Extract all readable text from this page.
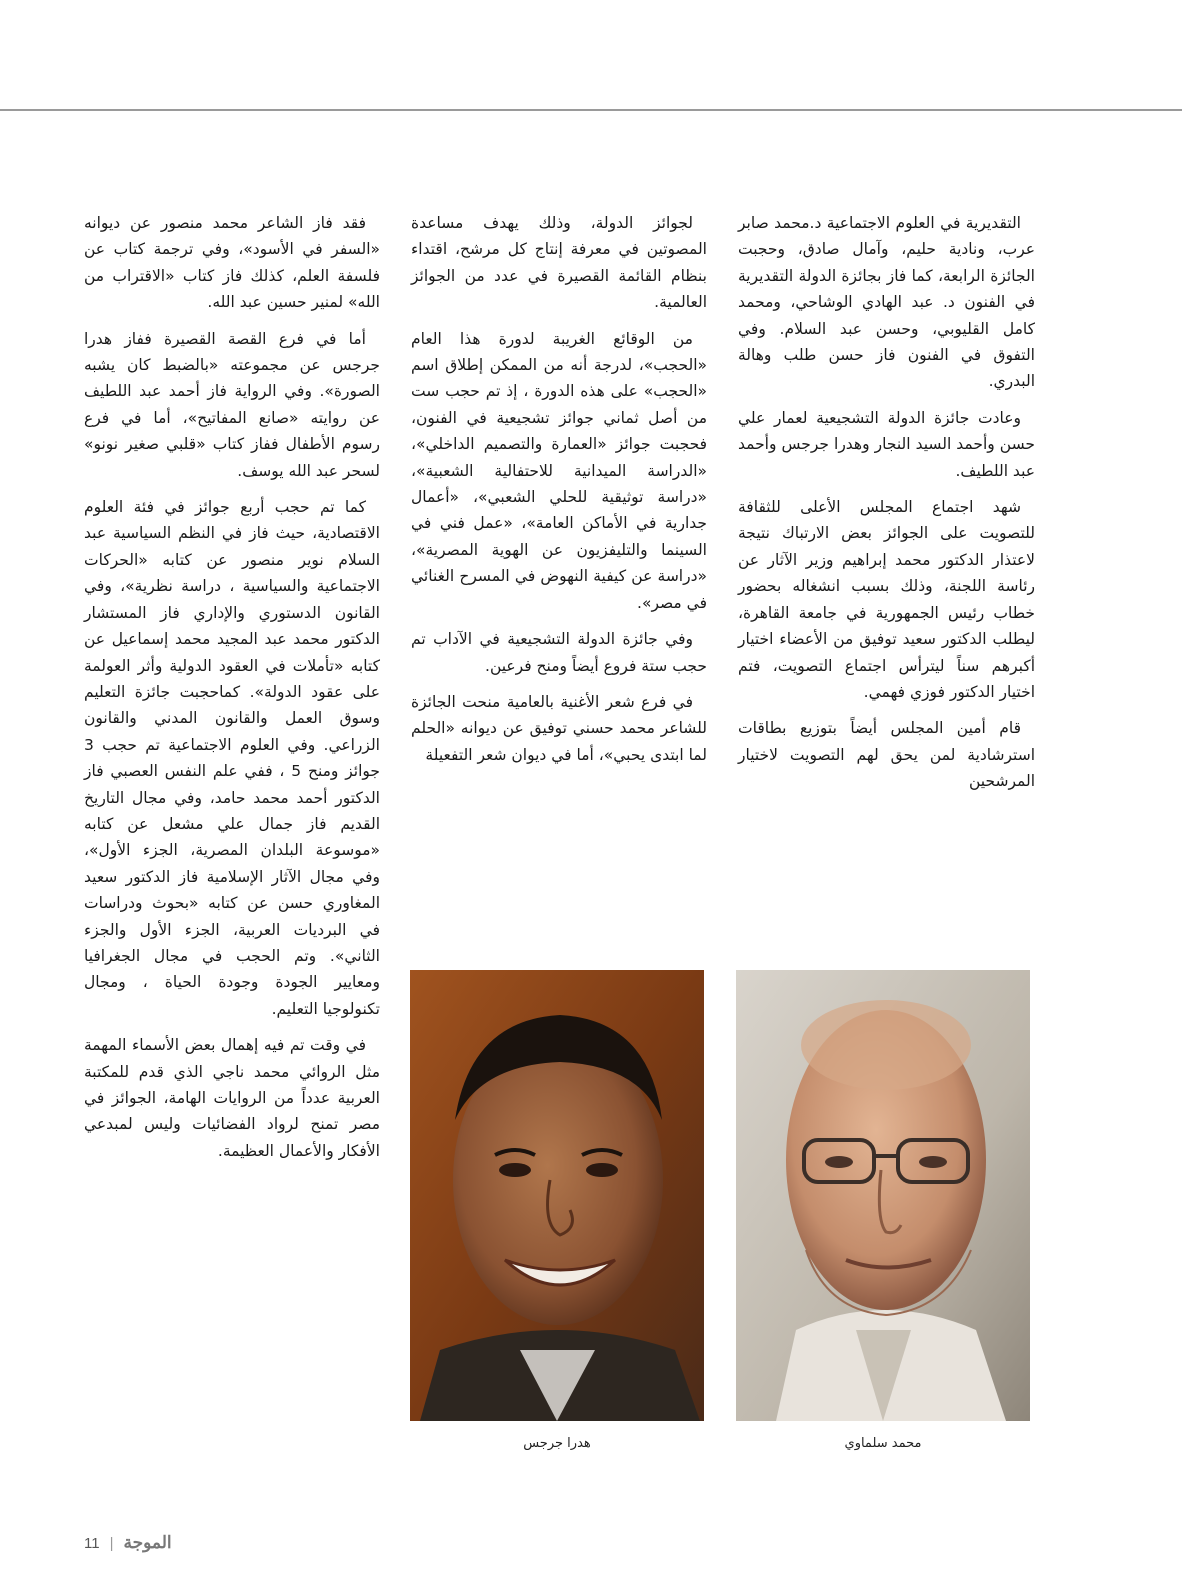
التقديرية في العلوم الاجتماعية د.محمد صابر عرب، ونادية حليم، وآمال صادق، وحجبت الجائزة الرابعة، كما فاز بجائزة الدولة التقديرية في الفنون د. عبد الهادي الوشاحي، ومحمد كامل القليوبي، وحسن عبد السلام. وفي التفوق في الفنون فاز حسن طلب وهالة البدري.

وعادت جائزة الدولة التشجيعية لعمار علي حسن وأحمد السيد النجار وهدرا جرجس وأحمد عبد اللطيف.

شهد اجتماع المجلس الأعلى للثقافة للتصويت على الجوائز بعض الارتباك نتيجة لاعتذار الدكتور محمد إبراهيم وزير الآثار عن رئاسة اللجنة، وذلك بسبب انشغاله بحضور خطاب رئيس الجمهورية في جامعة القاهرة، ليطلب الدكتور سعيد توفيق من الأعضاء اختيار أكبرهم سناً ليترأس اجتماع التصويت، فتم اختيار الدكتور فوزي فهمي.

قام أمين المجلس أيضاً بتوزيع بطاقات استرشادية لمن يحق لهم التصويت لاختيار المرشحين

لجوائز الدولة، وذلك يهدف مساعدة المصوتين في معرفة إنتاج كل مرشح، اقتداء بنظام القائمة القصيرة في عدد من الجوائز العالمية.

من الوقائع الغريبة لدورة هذا العام «الحجب»، لدرجة أنه من الممكن إطلاق اسم «الحجب» على هذه الدورة ، إذ تم حجب ست من أصل ثماني جوائز تشجيعية في الفنون، فحجبت جوائز «العمارة والتصميم الداخلي»، «الدراسة الميدانية للاحتفالية الشعبية»، «دراسة توثيقية للحلي الشعبي»، «أعمال جدارية في الأماكن العامة»، «عمل فني في السينما والتليفزيون عن الهوية المصرية»، «دراسة عن كيفية النهوض في المسرح الغنائي في مصر».

وفي جائزة الدولة التشجيعية في الآداب تم حجب ستة فروع أيضاً ومنح فرعين.

في فرع شعر الأغنية بالعامية منحت الجائزة للشاعر محمد حسني توفيق عن ديوانه «الحلم لما ابتدى يحبي»، أما في ديوان شعر التفعيلة

فقد فاز الشاعر محمد منصور عن ديوانه «السفر في الأسود»، وفي ترجمة كتاب عن فلسفة العلم، كذلك فاز كتاب «الاقتراب من الله» لمنير حسين عبد الله.

أما في فرع القصة القصيرة ففاز هدرا جرجس عن مجموعته «بالضبط كان يشبه الصورة». وفي الرواية فاز أحمد عبد اللطيف عن روايته «صانع المفاتيح»، أما في فرع رسوم الأطفال ففاز كتاب «قلبي صغير نونو» لسحر عبد الله يوسف.

كما تم حجب أربع جوائز في فئة العلوم الاقتصادية، حيث فاز في النظم السياسية عبد السلام نوير منصور عن كتابه «الحركات الاجتماعية والسياسية ، دراسة نظرية»، وفي القانون الدستوري والإداري فاز المستشار الدكتور محمد عبد المجيد محمد إسماعيل عن كتابه «تأملات في العقود الدولية وأثر العولمة على عقود الدولة». كماحجبت جائزة التعليم وسوق العمل والقانون المدني والقانون الزراعي. وفي العلوم الاجتماعية تم حجب 3 جوائز ومنح 5 ، ففي علم النفس العصبي فاز الدكتور أحمد محمد حامد، وفي مجال التاريخ القديم فاز جمال علي مشعل عن كتابه «موسوعة البلدان المصرية، الجزء الأول»، وفي مجال الآثار الإسلامية فاز الدكتور سعيد المغاوري حسن عن كتابه «بحوث ودراسات في البرديات العربية، الجزء الأول والجزء الثاني». وتم الحجب في مجال الجغرافيا ومعايير الجودة وجودة الحياة ، ومجال تكنولوجيا التعليم.

في وقت تم فيه إهمال بعض الأسماء المهمة مثل الروائي محمد ناجي الذي قدم للمكتبة العربية عدداً من الروايات الهامة، الجوائز في مصر تمنح لرواد الفضائيات وليس لمبدعي الأفكار والأعمال العظيمة.

محمد سلماوي
هدرا جرجس
11 | الموجة
